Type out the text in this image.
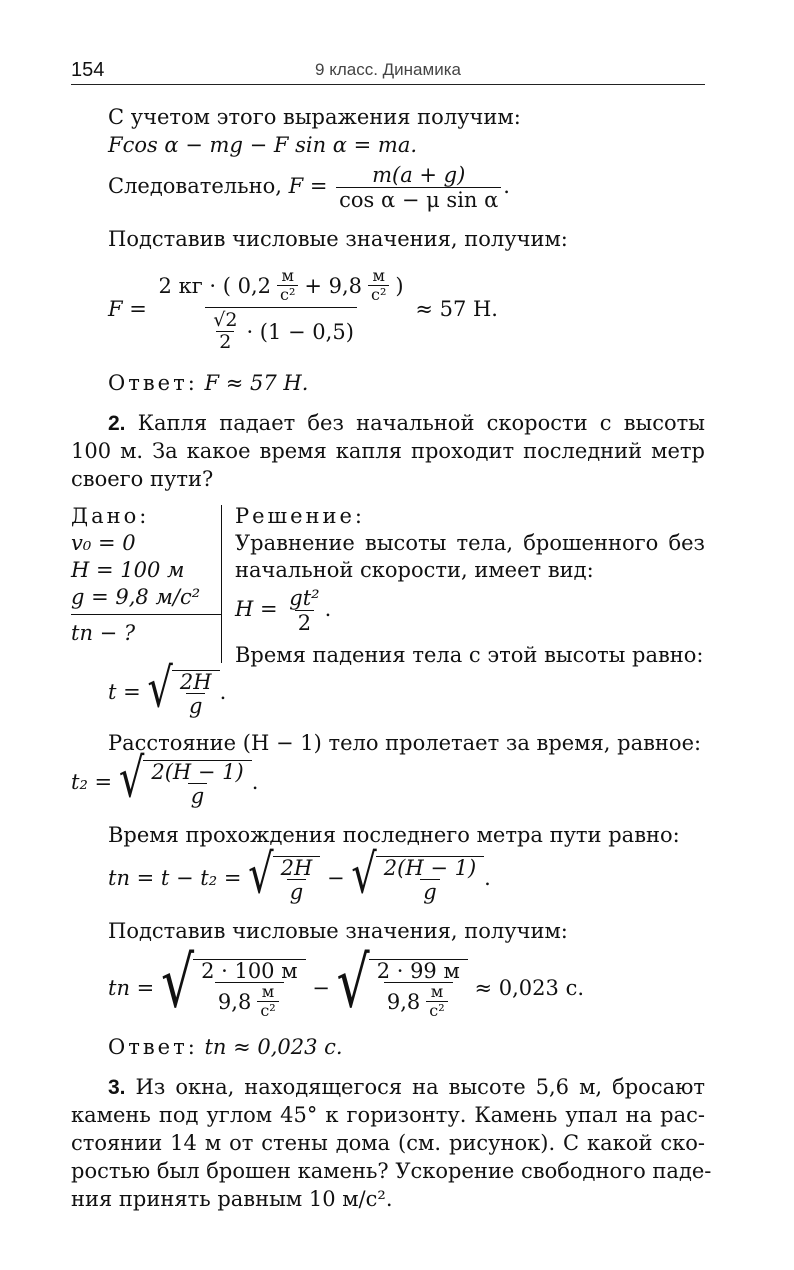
154	9 класс. Динамика
С учетом этого выражения получим:
Fcos α − mg − F sin α = ma.
Следовательно, $F = \frac{m(a + g)}{\text{cos α − μ sin α}}$ .
Подставив числовые значения, получим:
F =
2 кг · ( $0,2 \frac{м}{\text{с²}} + 9,8 \frac{м}{\text{с²}}$ )
$\frac{√2}{2} \cdot (1 - 0,5)$
≈ 57 Н.
Ответ: F ≈ 57 Н.
2. Капля падает без начальной скорости с высоты
100 м. За какое время капля проходит последний метр
своего пути?
Дано:
v₀ = 0
H = 100 м
g = 9,8 м/с²
tп − ?
Решение:
Уравнение высоты тела, брошенного без
начальной скорости, имеет вид:
$H = \frac{\text{gt²}}{2}$ .
Время падения тела с этой высоты равно:
t = √ $\frac{2H}{g}$ .
Расстояние (H − 1) тело пролетает за время, равное:
t₂ = √ $\frac{2(H - 1)}{g}$ .
Время прохождения последнего метра пути равно:
tп = t − t₂ = √ $\frac{2H}{g}$ − √ $\frac{2(H - 1)}{g}$ .
Подставив числовые значения, получим:
tп = √ $\frac{2 \cdot 100 м}{9,8 \frac{м}{\text{с²}}}$ − √ $\frac{2 \cdot 99 м}{9,8 \frac{м}{\text{с²}}} \approx 0,023$ с.
Ответ: tп ≈ 0,023 с.
3. Из окна, находящегося на высоте 5,6 м, бросают
камень под углом 45° к горизонту. Камень упал на рас-
стоянии 14 м от стены дома (см. рисунок). С какой ско-
ростью был брошен камень? Ускорение свободного паде-
ния принять равным 10 м/с².
